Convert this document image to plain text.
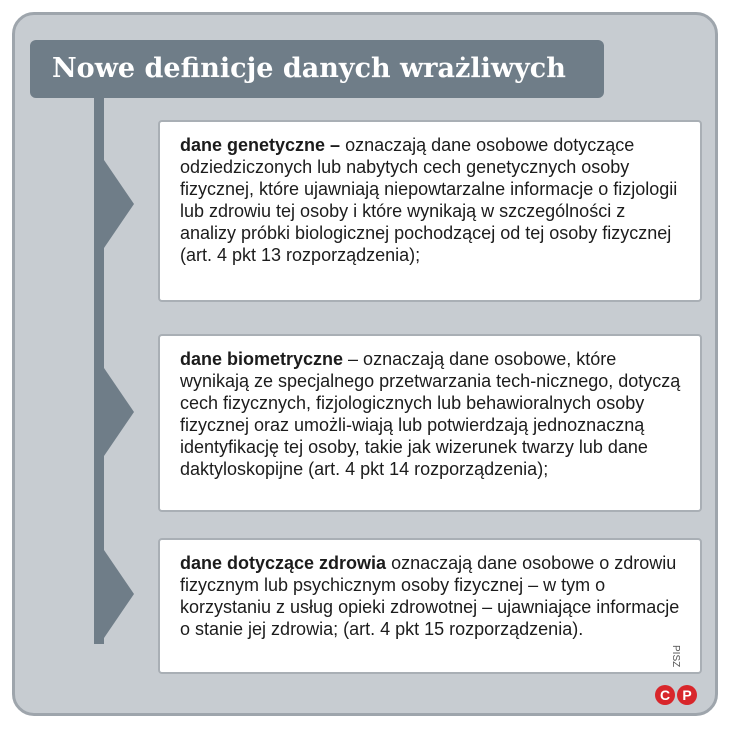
Nowe definicje danych wrażliwych

dane genetyczne – oznaczają dane osobowe dotyczące odziedziczonych lub nabytych cech genetycznych osoby fizycznej, które ujawniają niepowtarzalne informacje o fizjologii lub zdrowiu tej osoby i które wynikają w szczególności z analizy próbki biologicznej pochodzącej od tej osoby fizycznej (art. 4 pkt 13 rozporządzenia);

dane biometryczne – oznaczają dane osobowe, które wynikają ze specjalnego przetwarzania tech-nicznego, dotyczą cech fizycznych, fizjologicznych lub behawioralnych osoby fizycznej oraz umożli-wiają lub potwierdzają jednoznaczną identyfikację tej osoby, takie jak wizerunek twarzy lub dane daktyloskopijne (art. 4 pkt 14 rozporządzenia);

dane dotyczące zdrowia oznaczają dane osobowe o zdrowiu fizycznym lub psychicznym osoby fizycznej – w tym o korzystaniu z usług opieki zdrowotnej – ujawniające informacje o stanie jej zdrowia; (art. 4 pkt 15 rozporządzenia).

PISZ
C P
